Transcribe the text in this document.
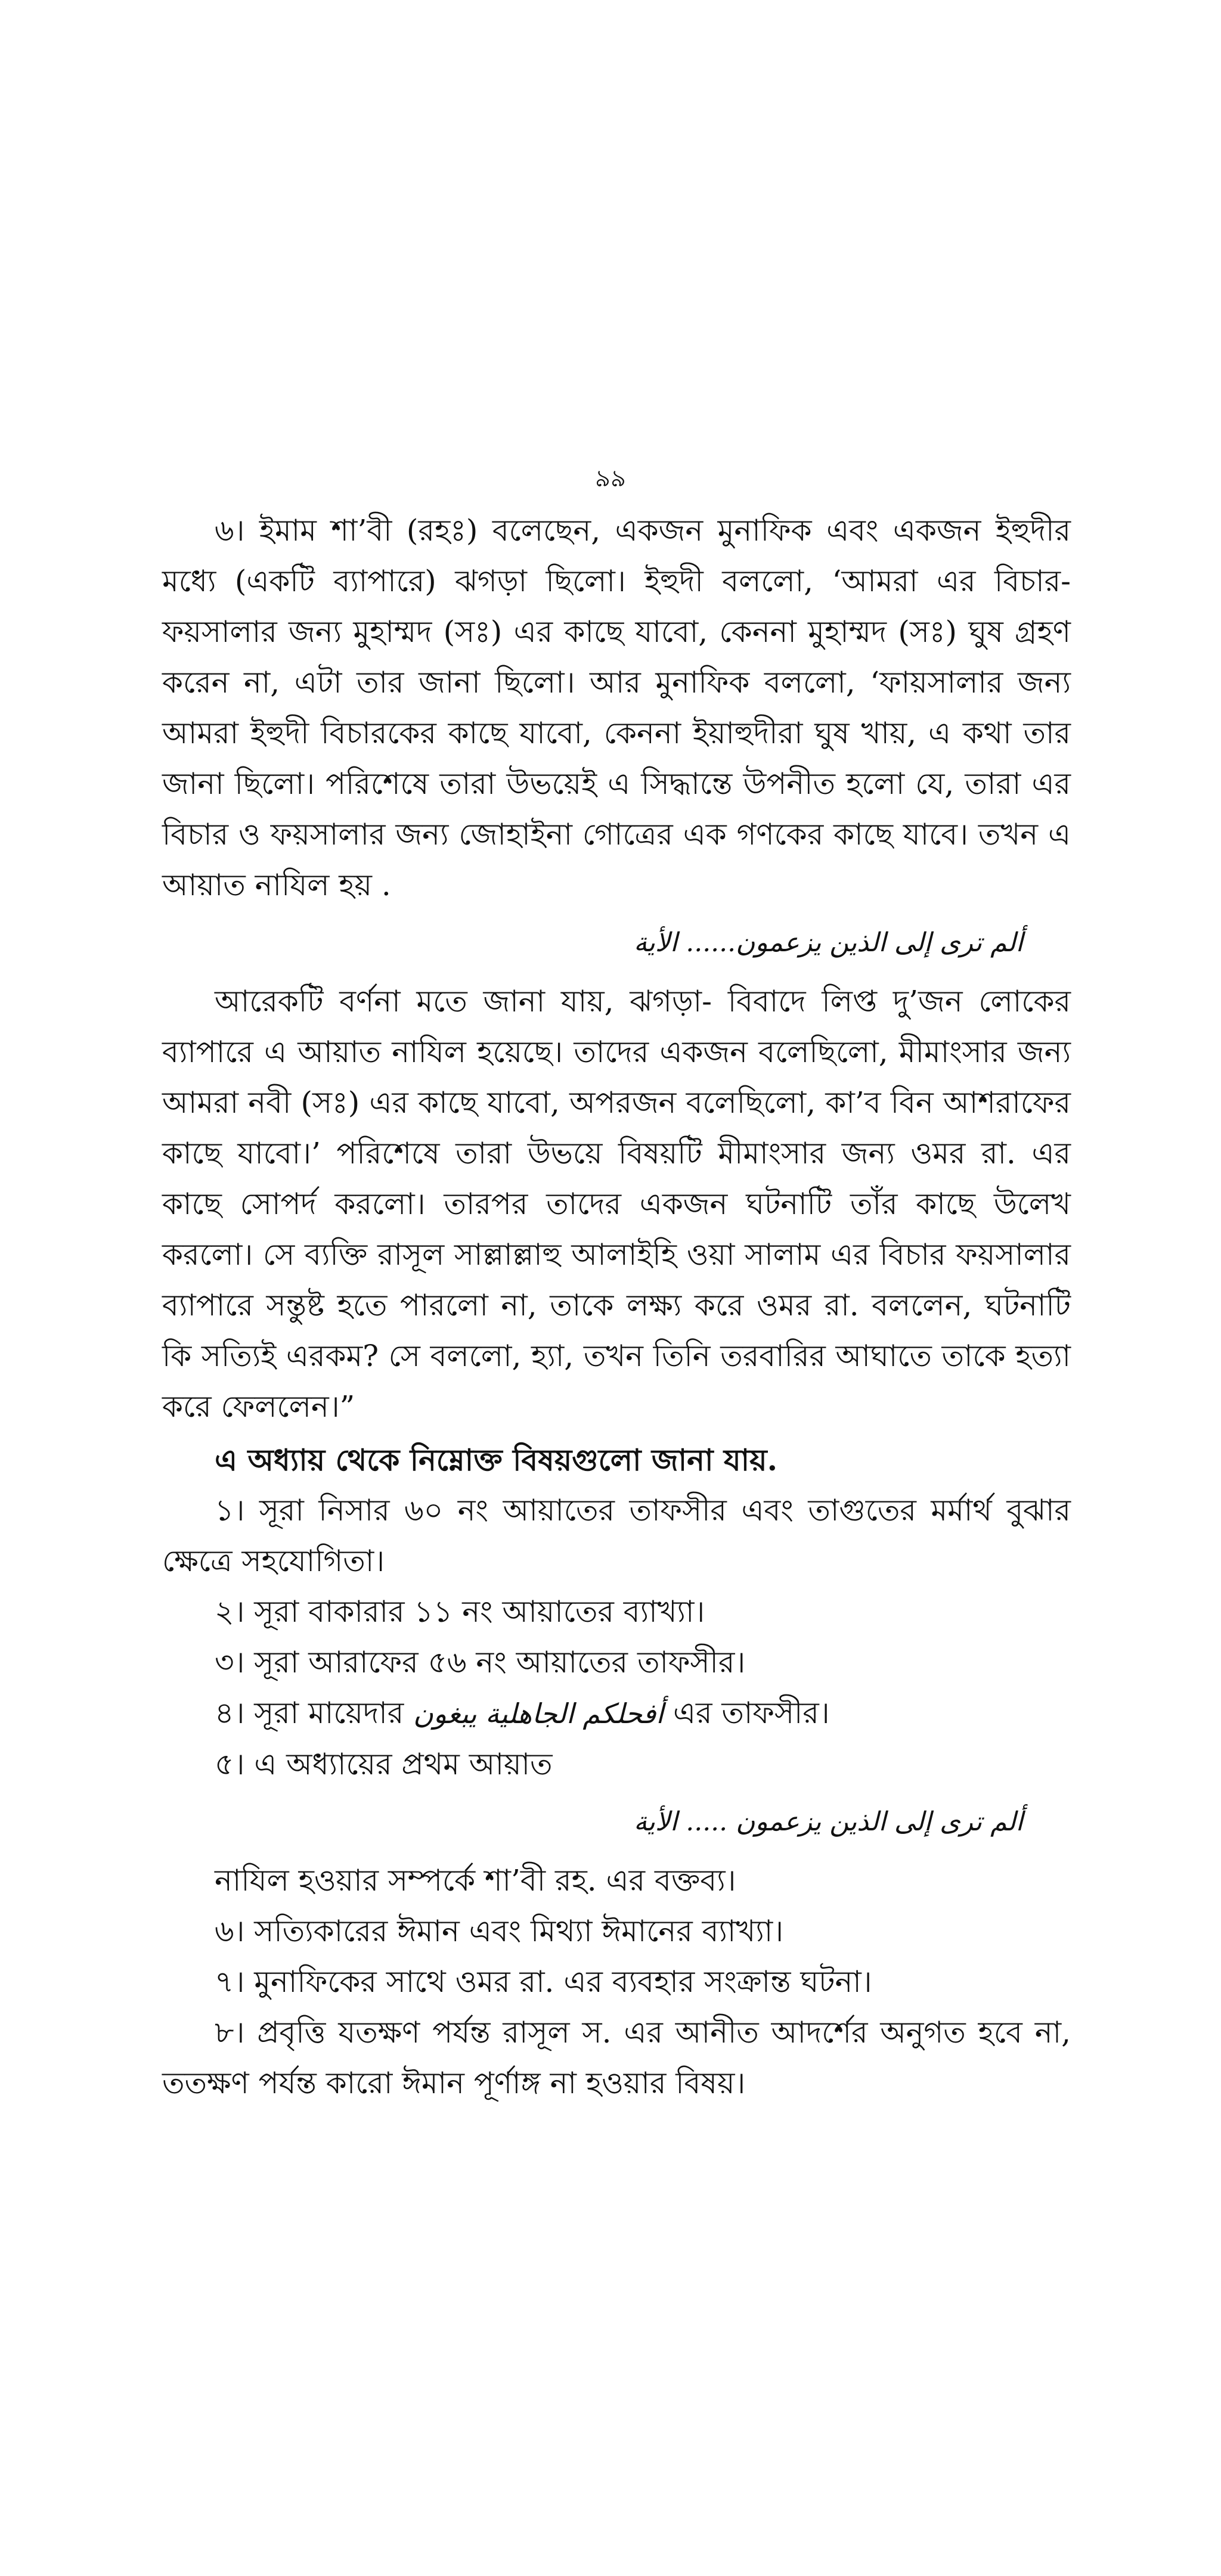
৯৯

৬। ইমাম শা’বী (রহঃ) বলেছেন, একজন মুনাফিক এবং একজন ইহুদীর মধ্যে (একটি ব্যাপারে) ঝগড়া ছিলো। ইহুদী বললো, ‘আমরা এর বিচার-ফয়সালার জন্য মুহাম্মদ (সঃ) এর কাছে যাবো, কেননা মুহাম্মদ (সঃ) ঘুষ গ্রহণ করেন না, এটা তার জানা ছিলো। আর মুনাফিক বললো, ‘ফায়সালার জন্য আমরা ইহুদী বিচারকের কাছে যাবো, কেননা ইয়াহুদীরা ঘুষ খায়, এ কথা তার জানা ছিলো। পরিশেষে তারা উভয়েই এ সিদ্ধান্তে উপনীত হলো যে, তারা এর বিচার ও ফয়সালার জন্য জোহাইনা গোত্রের এক গণকের কাছে যাবে। তখন এ আয়াত নাযিল হয় .

ألم ترى إلى الذين يزعمون...... الأية

আরেকটি বর্ণনা মতে জানা যায়, ঝগড়া- বিবাদে লিপ্ত দু’জন লোকের ব্যাপারে এ আয়াত নাযিল হয়েছে। তাদের একজন বলেছিলো, মীমাংসার জন্য আমরা নবী (সঃ) এর কাছে যাবো, অপরজন বলেছিলো, কা’ব বিন আশরাফের কাছে যাবো।’ পরিশেষে তারা উভয়ে বিষয়টি মীমাংসার জন্য ওমর রা. এর কাছে সোপর্দ করলো। তারপর তাদের একজন ঘটনাটি তাঁর কাছে উলেখ করলো। সে ব্যক্তি রাসূল সাল্লাল্লাহু আলাইহি ওয়া সালাম এর বিচার ফয়সালার ব্যাপারে সন্তুষ্ট হতে পারলো না, তাকে লক্ষ্য করে ওমর রা. বললেন, ঘটনাটি কি সত্যিই এরকম? সে বললো, হ্যা, তখন তিনি তরবারির আঘাতে তাকে হত্যা করে ফেললেন।”

এ অধ্যায় থেকে নিম্নোক্ত বিষয়গুলো জানা যায়.

১। সূরা নিসার ৬০ নং আয়াতের তাফসীর এবং তাগুতের মর্মার্থ বুঝার ক্ষেত্রে সহযোগিতা।

২। সূরা বাকারার ১১ নং আয়াতের ব্যাখ্যা।

৩। সূরা আরাফের ৫৬ নং আয়াতের তাফসীর।

৪। সূরা মায়েদার أفحلكم الجاهلية يبغون এর তাফসীর।

৫। এ অধ্যায়ের প্রথম আয়াত

ألم ترى إلى الذين يزعمون ..... الأية

নাযিল হওয়ার সম্পর্কে শা’বী রহ. এর বক্তব্য।

৬। সত্যিকারের ঈমান এবং মিথ্যা ঈমানের ব্যাখ্যা।

৭। মুনাফিকের সাথে ওমর রা. এর ব্যবহার সংক্রান্ত ঘটনা।

৮। প্রবৃত্তি যতক্ষণ পর্যন্ত রাসূল স. এর আনীত আদর্শের অনুগত হবে না, ততক্ষণ পর্যন্ত কারো ঈমান পূর্ণাঙ্গ না হওয়ার বিষয়।
